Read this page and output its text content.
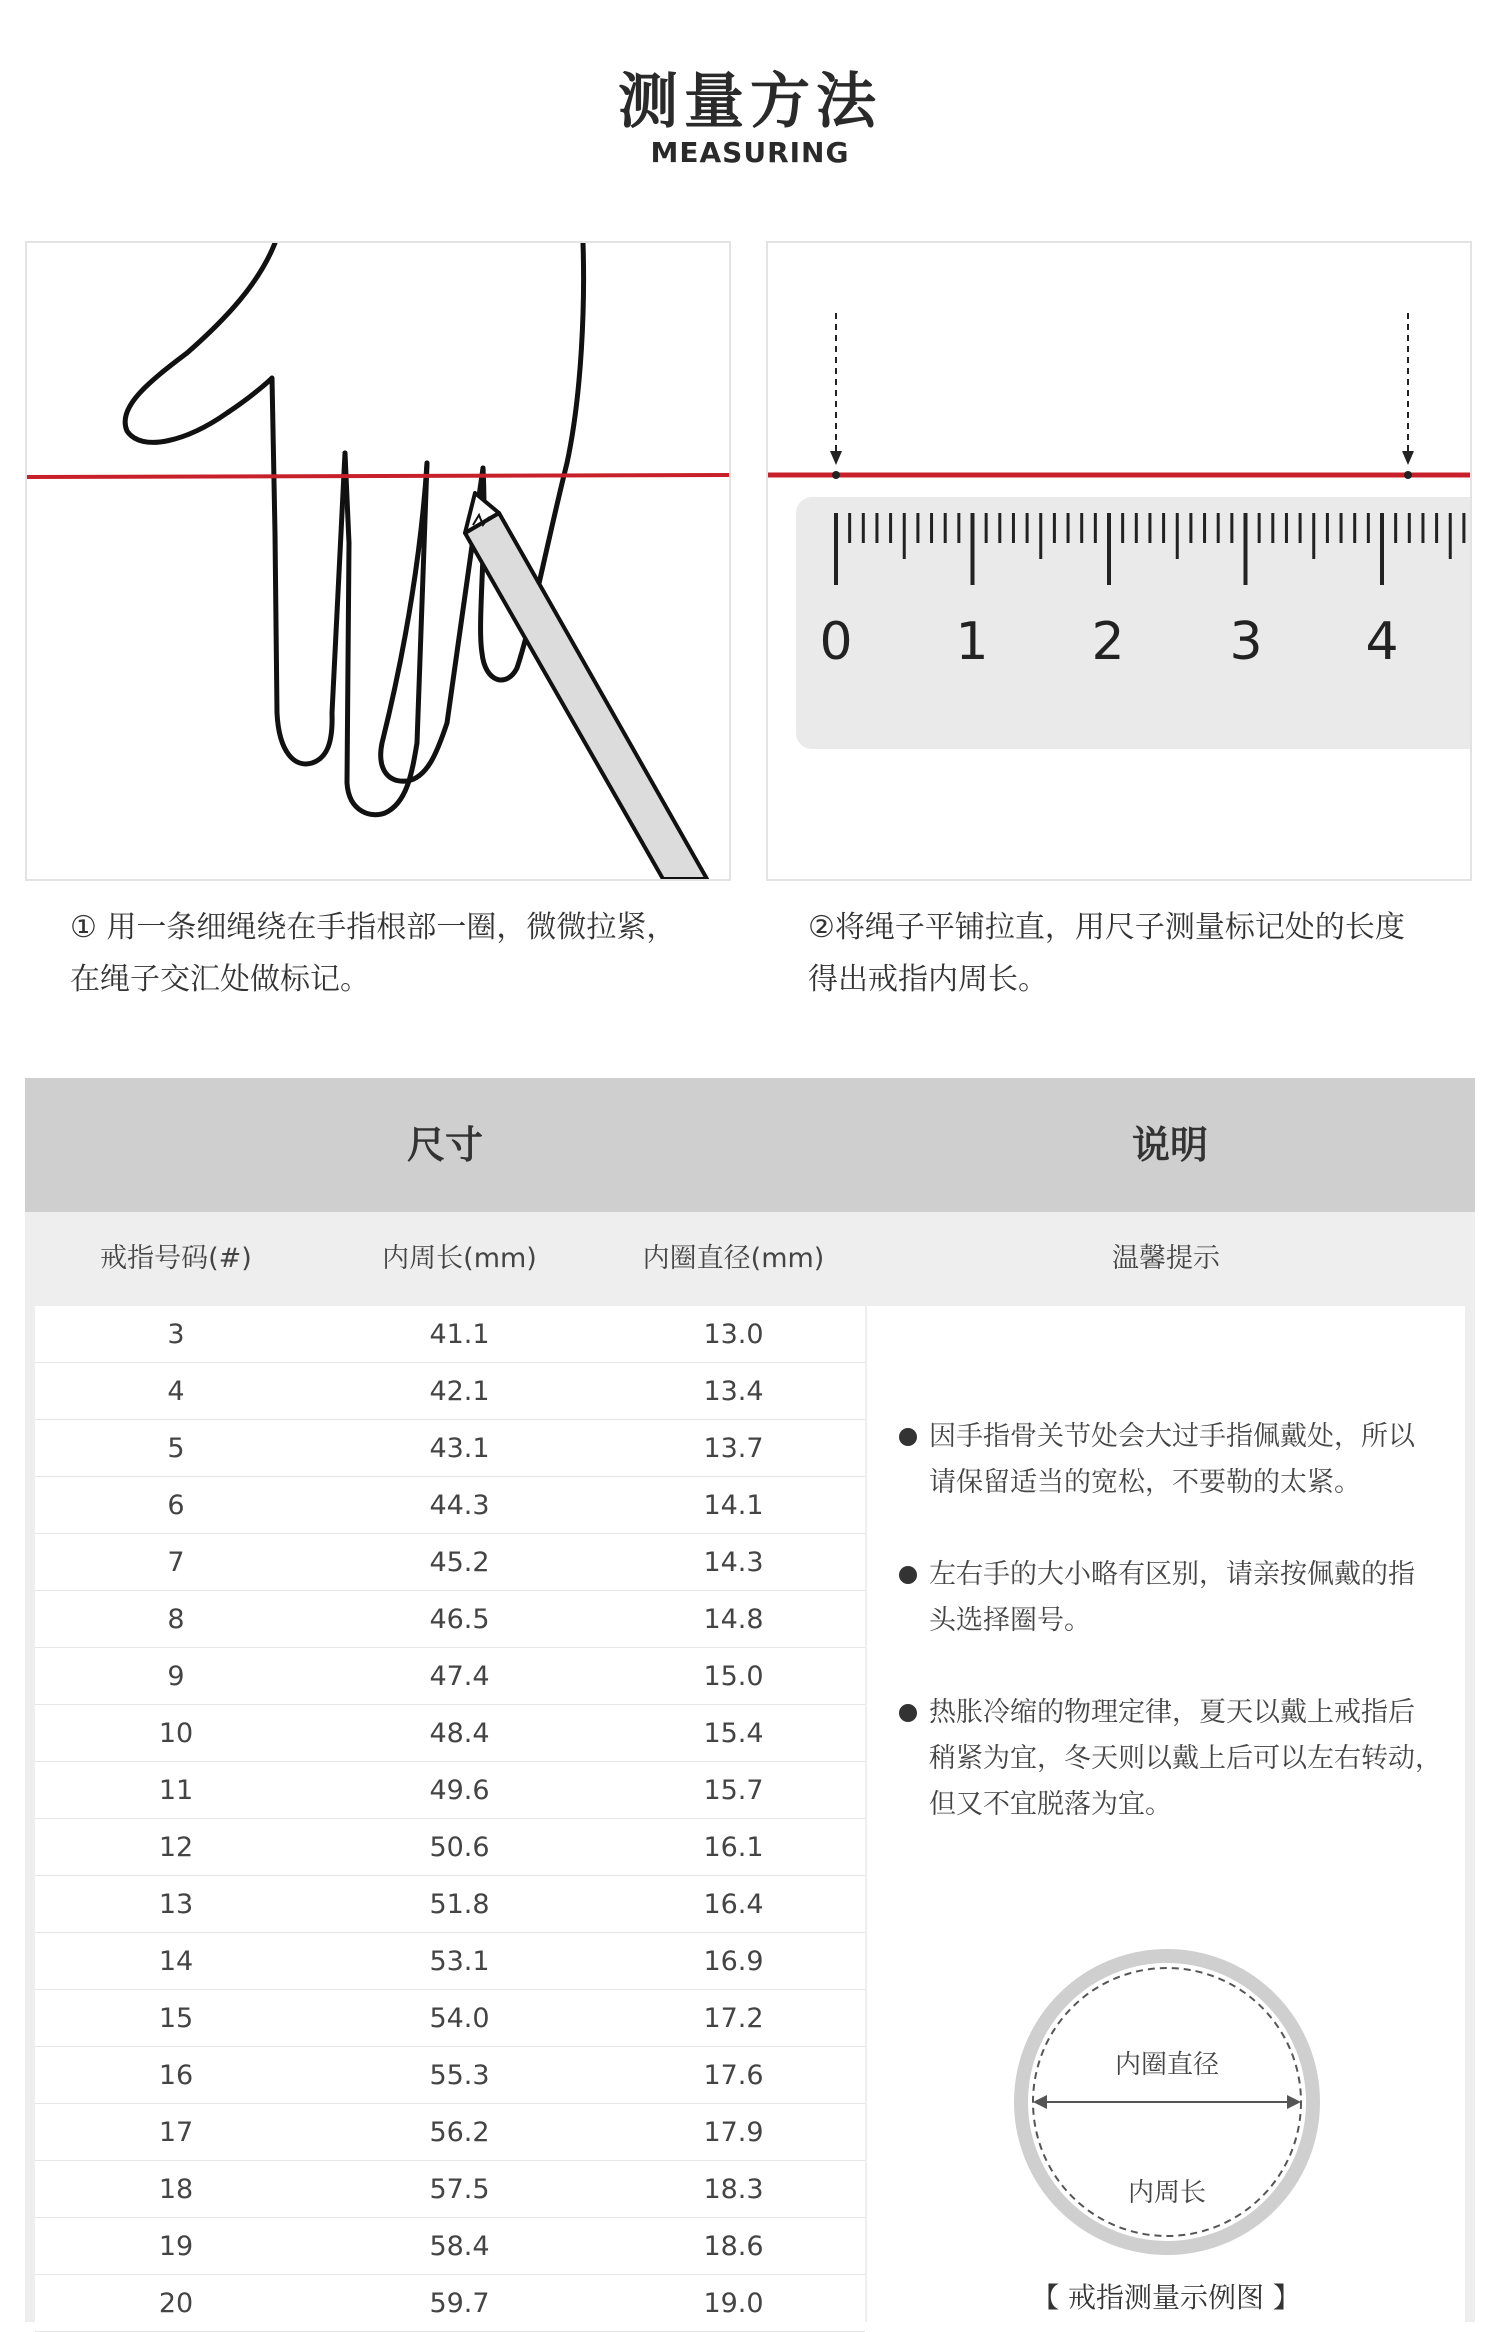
测量方法
MEASURING
0 1 2 3 4
① 用一条细绳绕在手指根部一圈，微微拉紧，
在绳子交汇处做标记。
②将绳子平铺拉直，用尺子测量标记处的长度
得出戒指内周长。
尺寸	说明
戒指号码(#)	内周长(mm)	内圈直径(mm)	温馨提示
3	41.1	13.0
4	42.1	13.4
5	43.1	13.7
6	44.3	14.1
7	45.2	14.3
8	46.5	14.8
9	47.4	15.0
10	48.4	15.4
11	49.6	15.7
12	50.6	16.1
13	51.8	16.4
14	53.1	16.9
15	54.0	17.2
16	55.3	17.6
17	56.2	17.9
18	57.5	18.3
19	58.4	18.6
20	59.7	19.0
因手指骨关节处会大过手指佩戴处，所以
请保留适当的宽松，不要勒的太紧。
左右手的大小略有区别，请亲按佩戴的指
头选择圈号。
热胀冷缩的物理定律，夏天以戴上戒指后
稍紧为宜，冬天则以戴上后可以左右转动，
但又不宜脱落为宜。
内圈直径
内周长
【 戒指测量示例图 】
